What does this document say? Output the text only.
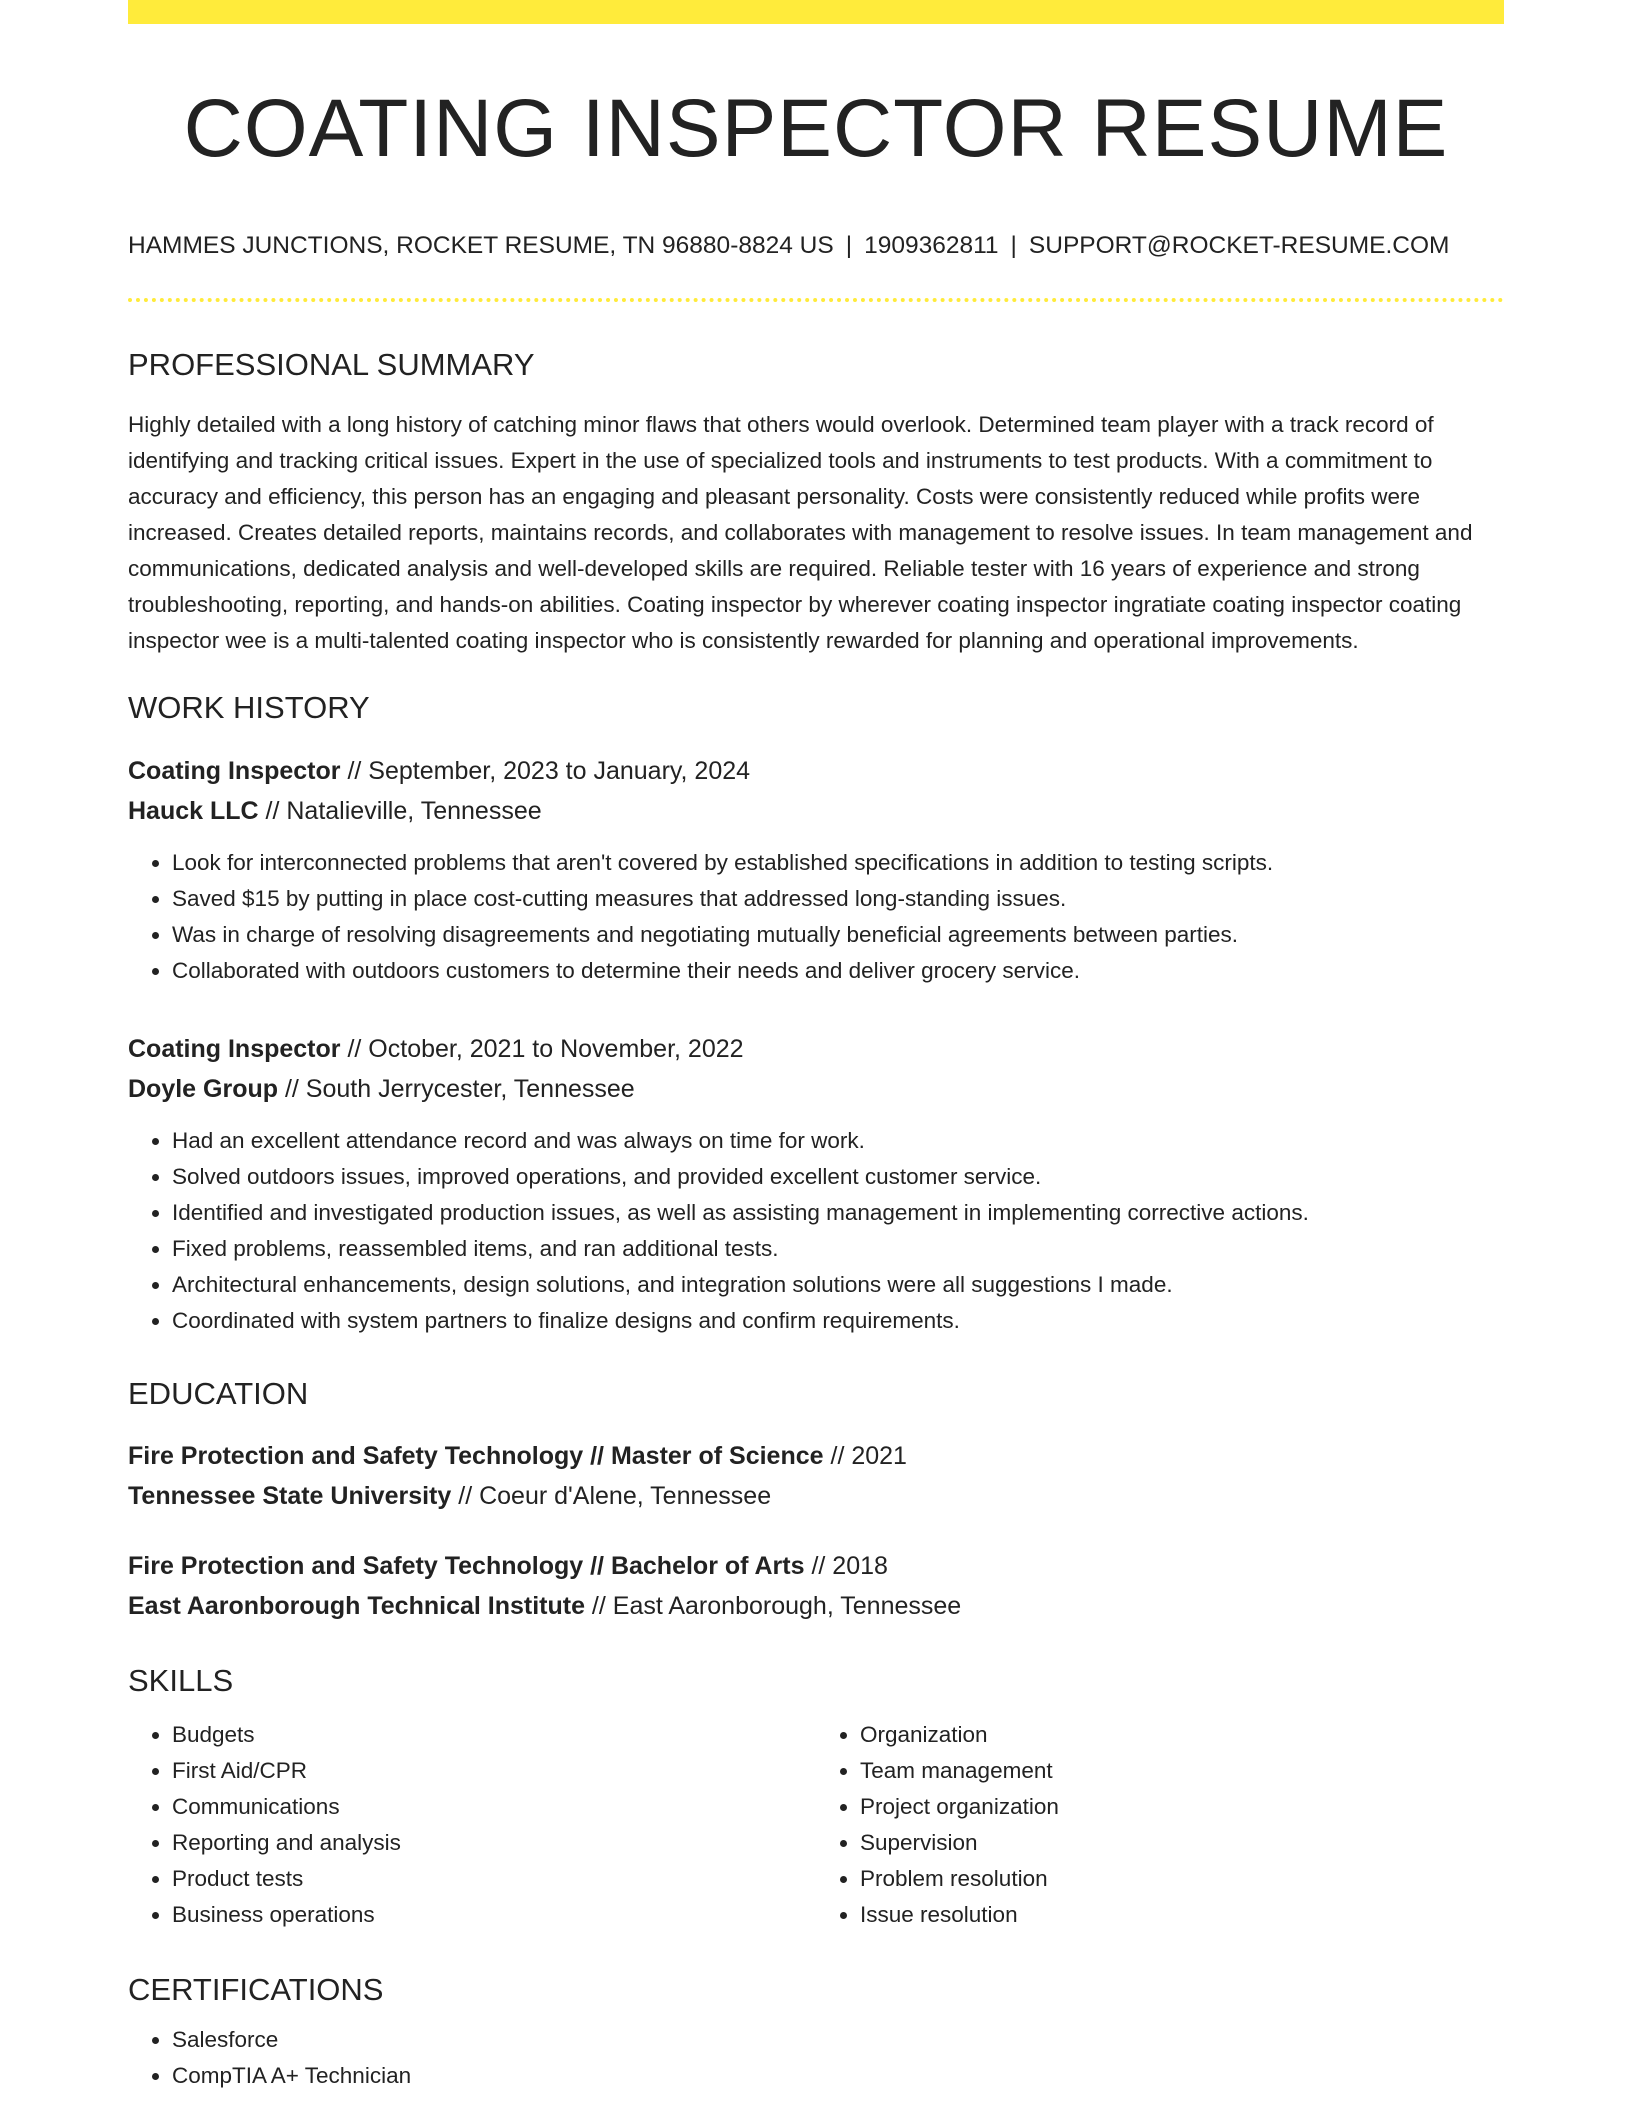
COATING INSPECTOR RESUME
HAMMES JUNCTIONS, ROCKET RESUME, TN 96880-8824 US | 1909362811 | SUPPORT@ROCKET-RESUME.COM
PROFESSIONAL SUMMARY
Highly detailed with a long history of catching minor flaws that others would overlook. Determined team player with a track record of identifying and tracking critical issues. Expert in the use of specialized tools and instruments to test products. With a commitment to accuracy and efficiency, this person has an engaging and pleasant personality. Costs were consistently reduced while profits were increased. Creates detailed reports, maintains records, and collaborates with management to resolve issues. In team management and communications, dedicated analysis and well-developed skills are required. Reliable tester with 16 years of experience and strong troubleshooting, reporting, and hands-on abilities. Coating inspector by wherever coating inspector ingratiate coating inspector coating inspector wee is a multi-talented coating inspector who is consistently rewarded for planning and operational improvements.
WORK HISTORY
Coating Inspector // September, 2023 to January, 2024
Hauck LLC // Natalieville, Tennessee
• Look for interconnected problems that aren't covered by established specifications in addition to testing scripts.
• Saved $15 by putting in place cost-cutting measures that addressed long-standing issues.
• Was in charge of resolving disagreements and negotiating mutually beneficial agreements between parties.
• Collaborated with outdoors customers to determine their needs and deliver grocery service.
Coating Inspector // October, 2021 to November, 2022
Doyle Group // South Jerrycester, Tennessee
• Had an excellent attendance record and was always on time for work.
• Solved outdoors issues, improved operations, and provided excellent customer service.
• Identified and investigated production issues, as well as assisting management in implementing corrective actions.
• Fixed problems, reassembled items, and ran additional tests.
• Architectural enhancements, design solutions, and integration solutions were all suggestions I made.
• Coordinated with system partners to finalize designs and confirm requirements.
EDUCATION
Fire Protection and Safety Technology // Master of Science // 2021
Tennessee State University // Coeur d'Alene, Tennessee
Fire Protection and Safety Technology // Bachelor of Arts // 2018
East Aaronborough Technical Institute // East Aaronborough, Tennessee
SKILLS
• Budgets
• First Aid/CPR
• Communications
• Reporting and analysis
• Product tests
• Business operations
• Organization
• Team management
• Project organization
• Supervision
• Problem resolution
• Issue resolution
CERTIFICATIONS
• Salesforce
• CompTIA A+ Technician
